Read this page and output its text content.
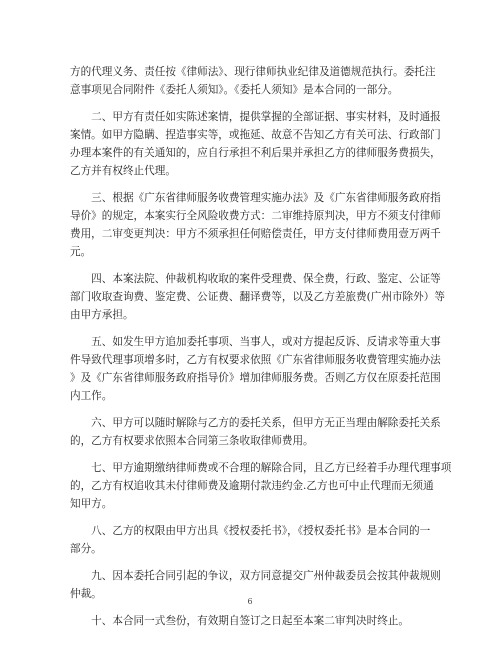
方的代理义务、责任按《律师法》、现行律师执业纪律及道德规范执行。委托注
意事项见合同附件《委托人须知》。《委托人须知》是本合同的一部分。

　　二、甲方有责任如实陈述案情，提供掌握的全部证据、事实材料，及时通报
案情。如甲方隐瞒、捏造事实等，或拖延、故意不告知乙方有关可法、行政部门
办理本案件的有关通知的，应自行承担不利后果并承担乙方的律师服务费损失，
乙方并有权终止代理。

　　三、根据《广东省律师服务收费管理实施办法》及《广东省律师服务政府指
导价》的规定，本案实行全风险收费方式：二审维持原判决，甲方不须支付律师
费用，二审变更判决：甲方不须承担任何赔偿责任，甲方支付律师费用壹万两千
元。

　　四、本案法院、仲裁机构收取的案件受理费、保全费，行政、鉴定、公证等
部门收取查询费、鉴定费、公证费、翻译费等，以及乙方差旅费(广州市除外）等
由甲方承担。

　　五、如发生甲方追加委托事项、当事人，或对方提起反诉、反请求等重大事
件导致代理事项增多时，乙方有权要求依照《广东省律师服务收费管理实施办法
》及《广东省律师服务政府指导价》增加律师服务费。否则乙方仅在原委托范围
内工作。

　　六、甲方可以随时解除与乙方的委托关系，但甲方无正当理由解除委托关系
的，乙方有权要求依照本合同第三条收取律师费用。

　　七、甲方逾期缴纳律师费或不合理的解除合同，且乙方已经着手办理代理事项
的，乙方有权追收其未付律师费及逾期付款违约金.乙方也可中止代理而无须通
知甲方。

　　八、乙方的权限由甲方出具《授权委托书》，《授权委托书》是本合同的一
部分。

　　九、因本委托合同引起的争议，双方同意提交广州仲裁委员会按其仲裁规则
仲裁。

　　十、本合同一式叁份，有效期自签订之日起至本案二审判决时终止。

6
